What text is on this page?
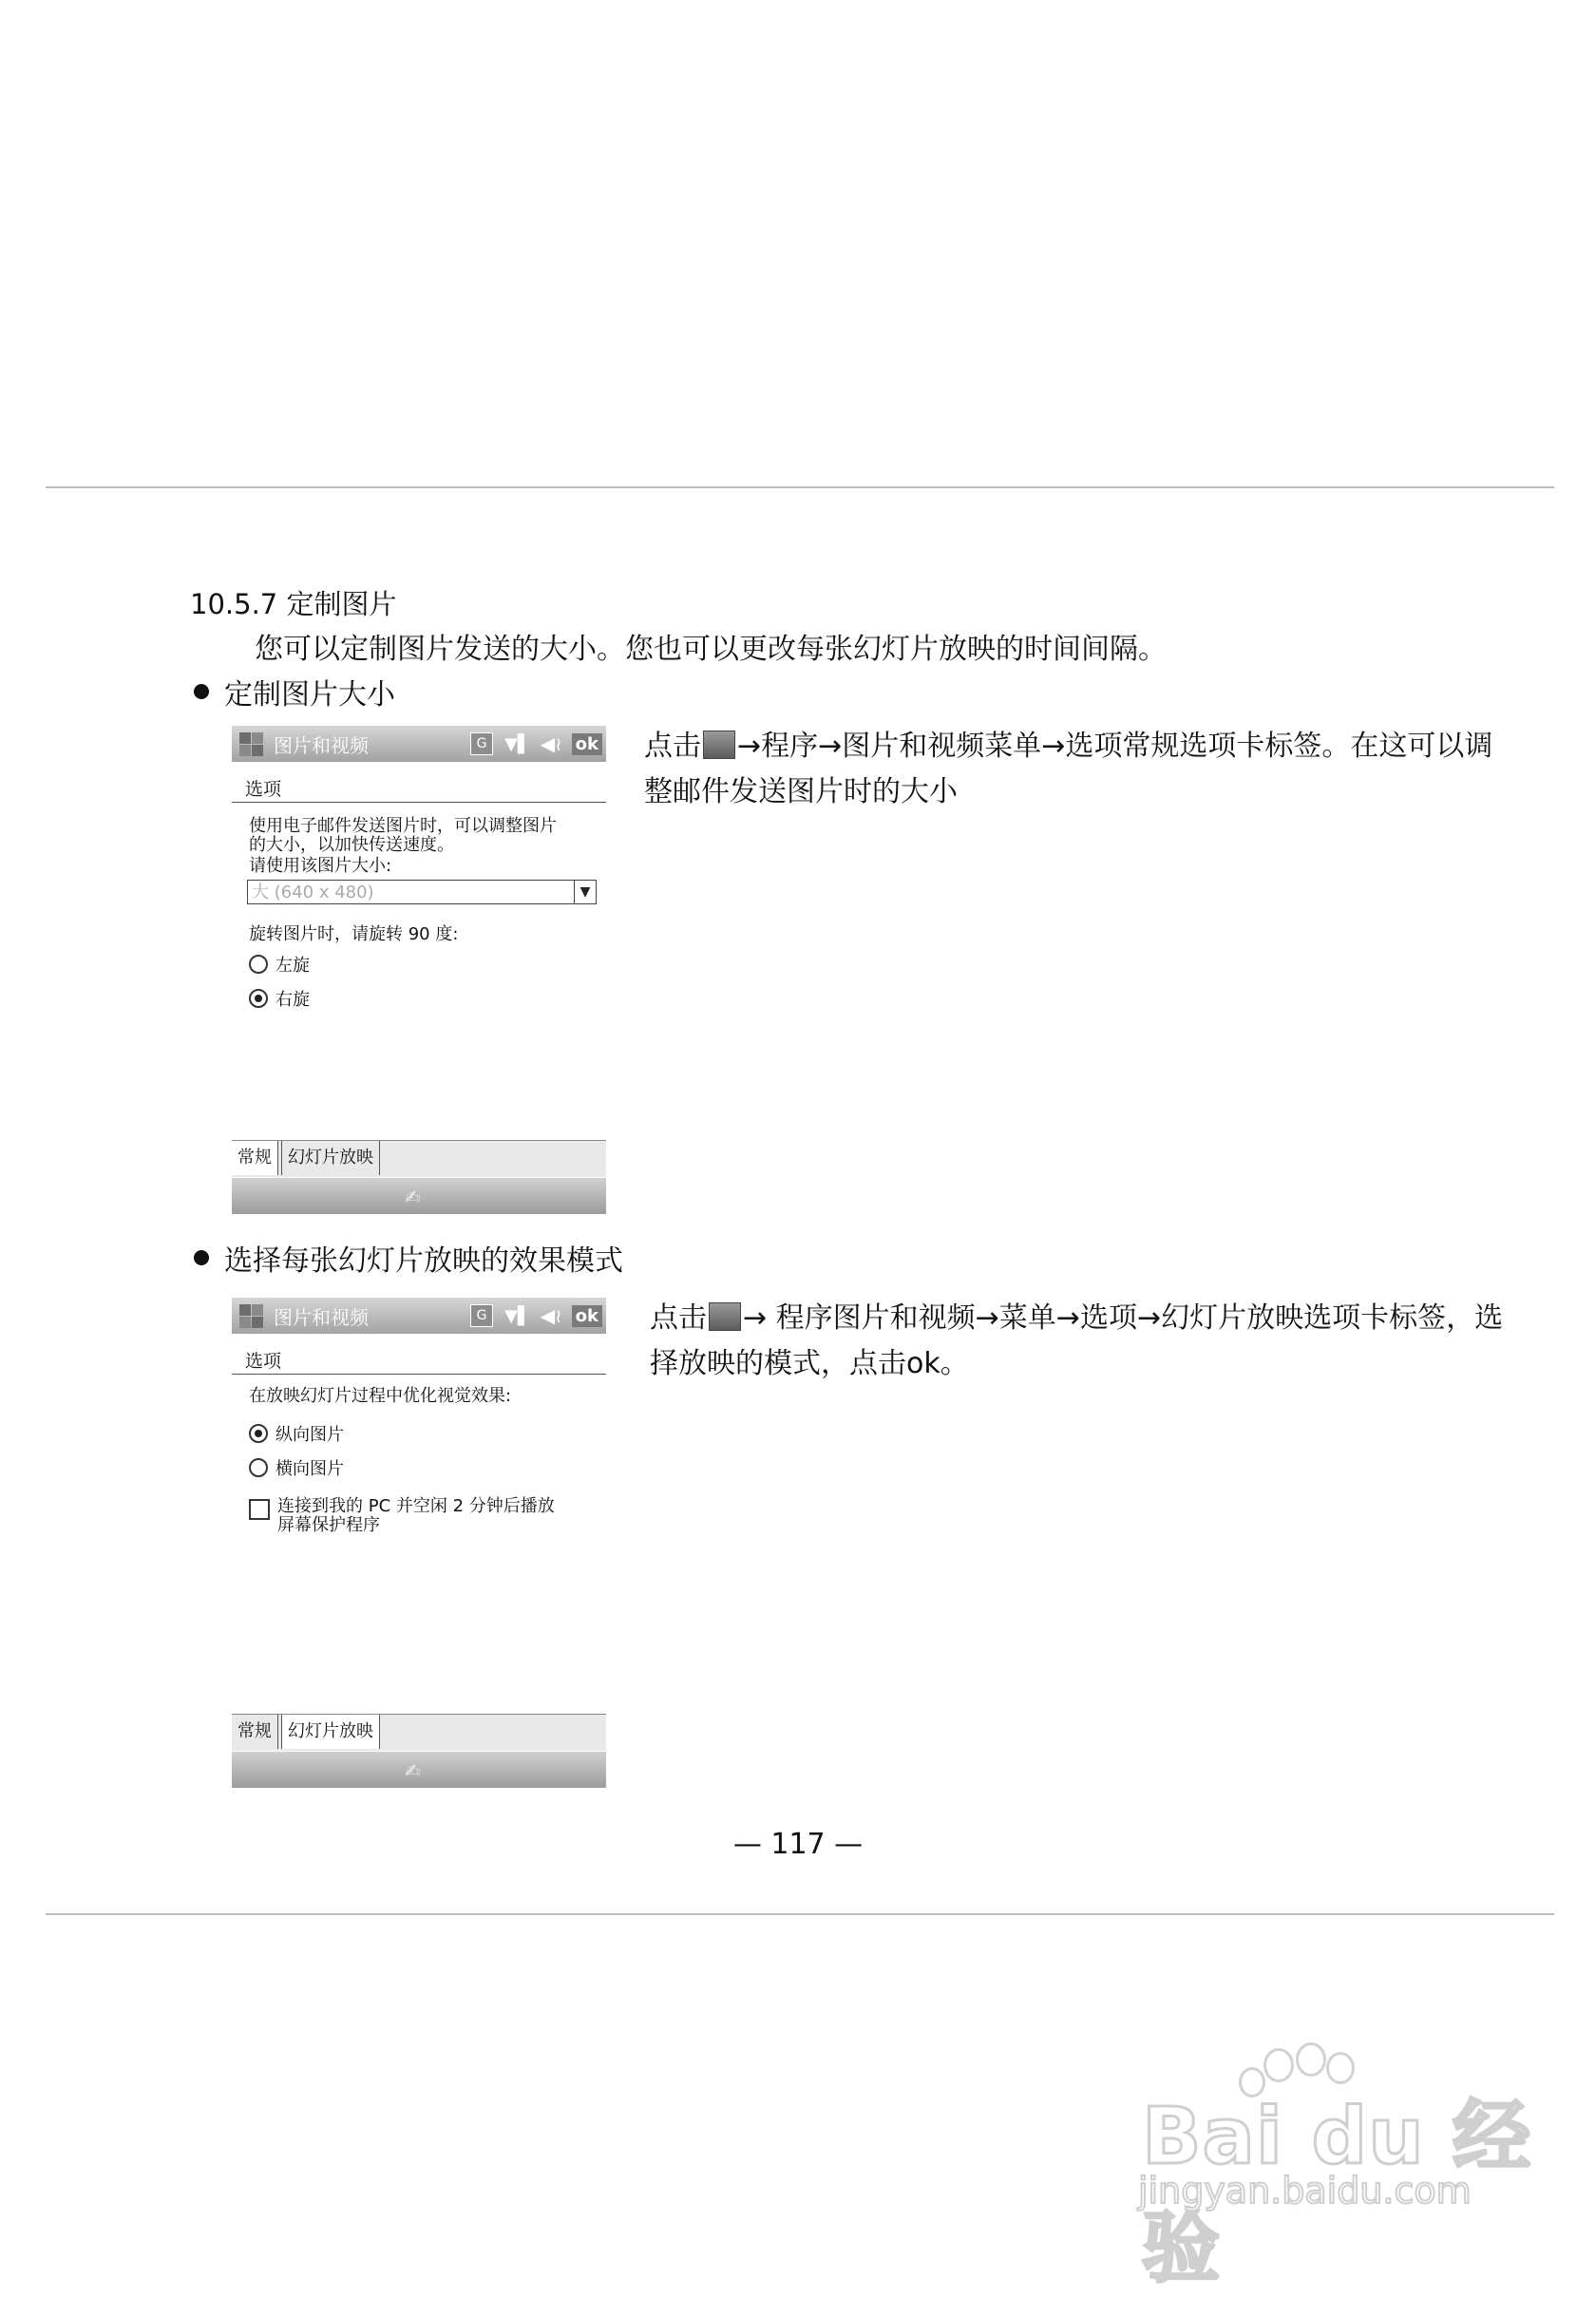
10.5.7 定制图片
您可以定制图片发送的大小。您也可以更改每张幻灯片放映的时间间隔。
定制图片大小
图片和视频	G	▼▌ ◀≀ ok
选项
使用电子邮件发送图片时，可以调整图片
的大小，以加快传送速度。
请使用该图片大小:
大 (640 x 480)	▼
旋转图片时，请旋转 90 度:
左旋
右旋
常规 幻灯片放映
✍
点击 →程序→图片和视频菜单→选项常规选项卡标签。在这可以调整邮件发送图片时的大小
选择每张幻灯片放映的效果模式
图片和视频	G	▼▌ ◀≀ ok
选项
在放映幻灯片过程中优化视觉效果:
纵向图片
横向图片
连接到我的 PC 并空闲 2 分钟后播放
屏幕保护程序
常规 幻灯片放映
✍
点击 → 程序图片和视频→菜单→选项→幻灯片放映选项卡标签，选择放映的模式，点击ok。
— 117 —
Bai du 经验
jingyan.baidu.com
